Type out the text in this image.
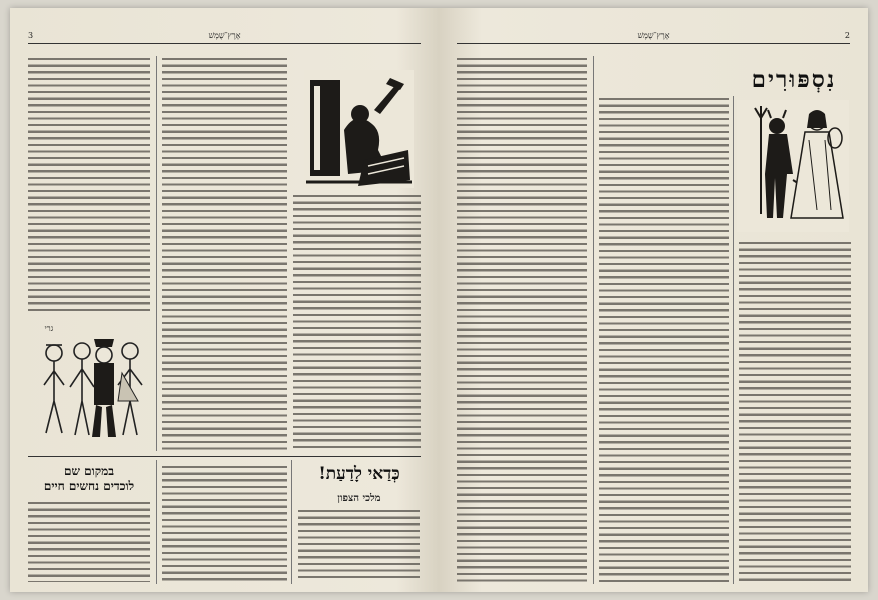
3	אֶרֶץ־שֶׁמֶשׁ
גרי
במקום שם
לוכדים נחשים חיים
כְּדַאי לָדַעַת!
מלכי הצפון
אֶרֶץ־שֶׁמֶשׁ	2
נִסְפּוּרִים
